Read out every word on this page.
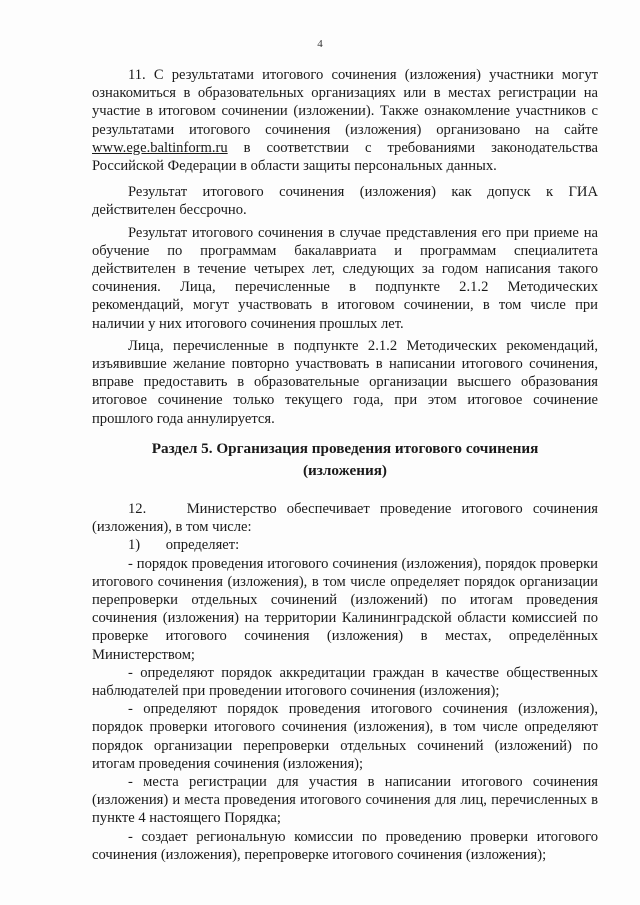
4

11. С результатами итогового сочинения (изложения) участники могут ознакомиться в образовательных организациях или в местах регистрации на участие в итоговом сочинении (изложении). Также ознакомление участников с результатами итогового сочинения (изложения) организовано на сайте www.ege.baltinform.ru в соответствии с требованиями законодательства Российской Федерации в области защиты персональных данных.

Результат итогового сочинения (изложения) как допуск к ГИА действителен бессрочно.

Результат итогового сочинения в случае представления его при приеме на обучение по программам бакалавриата и программам специалитета действителен в течение четырех лет, следующих за годом написания такого сочинения. Лица, перечисленные в подпункте 2.1.2 Методических рекомендаций, могут участвовать в итоговом сочинении, в том числе при наличии у них итогового сочинения прошлых лет.

Лица, перечисленные в подпункте 2.1.2 Методических рекомендаций, изъявившие желание повторно участвовать в написании итогового сочинения, вправе предоставить в образовательные организации высшего образования итоговое сочинение только текущего года, при этом итоговое сочинение прошлого года аннулируется.

Раздел 5. Организация проведения итогового сочинения
(изложения)

12.    Министерство обеспечивает проведение итогового сочинения (изложения), в том числе:

1)       определяет:

- порядок проведения итогового сочинения (изложения), порядок проверки итогового сочинения (изложения), в том числе определяет порядок организации перепроверки отдельных сочинений (изложений) по итогам проведения сочинения (изложения) на территории Калининградской области комиссией по проверке итогового сочинения (изложения) в местах, определённых Министерством;

- определяют порядок аккредитации граждан в качестве общественных наблюдателей при проведении итогового сочинения (изложения);

- определяют порядок проведения итогового сочинения (изложения), порядок проверки итогового сочинения (изложения), в том числе определяют порядок организации перепроверки отдельных сочинений (изложений) по итогам проведения сочинения (изложения);

- места регистрации для участия в написании итогового сочинения (изложения) и места проведения итогового сочинения для лиц, перечисленных в пункте 4 настоящего Порядка;

- создает региональную комиссии по проведению проверки итогового сочинения (изложения), перепроверке итогового сочинения (изложения);
